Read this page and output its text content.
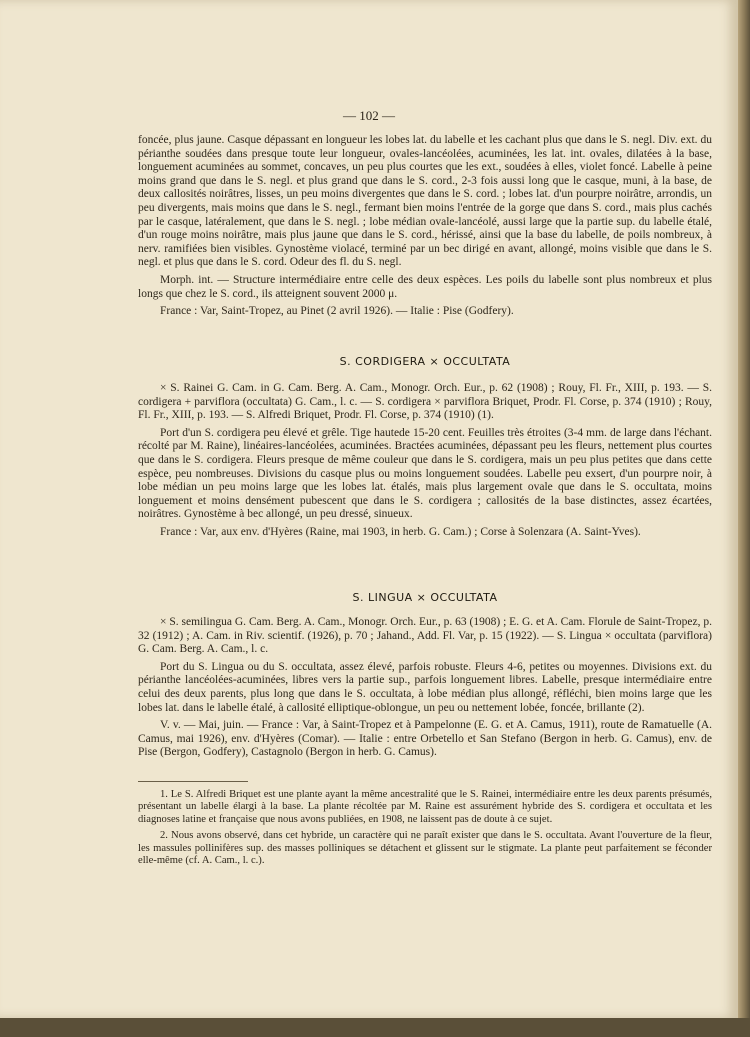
— 102 —

foncée, plus jaune. Casque dépassant en longueur les lobes lat. du labelle et les cachant plus que dans le S. negl. Div. ext. du périanthe soudées dans presque toute leur longueur, ovales-lancéolées, acuminées, les lat. int. ovales, dilatées à la base, longuement acuminées au sommet, concaves, un peu plus courtes que les ext., soudées à elles, violet foncé. Labelle à peine moins grand que dans le S. negl. et plus grand que dans le S. cord., 2-3 fois aussi long que le casque, muni, à la base, de deux callosités noirâtres, lisses, un peu moins divergentes que dans le S. cord. ; lobes lat. d'un pourpre noirâtre, arrondis, un peu divergents, mais moins que dans le S. negl., fermant bien moins l'entrée de la gorge que dans S. cord., mais plus cachés par le casque, latéralement, que dans le S. negl. ; lobe médian ovale-lancéolé, aussi large que la partie sup. du labelle étalé, d'un rouge moins noirâtre, mais plus jaune que dans le S. cord., hérissé, ainsi que la base du labelle, de poils nombreux, à nerv. ramifiées bien visibles. Gynostème violacé, terminé par un bec dirigé en avant, allongé, moins visible que dans le S. negl. et plus que dans le S. cord. Odeur des fl. du S. negl.

Morph. int. — Structure intermédiaire entre celle des deux espèces. Les poils du labelle sont plus nombreux et plus longs que chez le S. cord., ils atteignent souvent 2000 μ.

France : Var, Saint-Tropez, au Pinet (2 avril 1926). — Italie : Pise (Godfery).

S. CORDIGERA × OCCULTATA

× S. Rainei G. Cam. in G. Cam. Berg. A. Cam., Monogr. Orch. Eur., p. 62 (1908) ; Rouy, Fl. Fr., XIII, p. 193. — S. cordigera + parviflora (occultata) G. Cam., l. c. — S. cordigera × parviflora Briquet, Prodr. Fl. Corse, p. 374 (1910) ; Rouy, Fl. Fr., XIII, p. 193. — S. Alfredi Briquet, Prodr. Fl. Corse, p. 374 (1910) (1).

Port d'un S. cordigera peu élevé et grêle. Tige hautede 15-20 cent. Feuilles très étroites (3-4 mm. de large dans l'échant. récolté par M. Raine), linéaires-lancéolées, acuminées. Bractées acuminées, dépassant peu les fleurs, nettement plus courtes que dans le S. cordigera. Fleurs presque de même couleur que dans le S. cordigera, mais un peu plus petites que dans cette espèce, peu nombreuses. Divisions du casque plus ou moins longuement soudées. Labelle peu exsert, d'un pourpre noir, à lobe médian un peu moins large que les lobes lat. étalés, mais plus largement ovale que dans le S. occultata, moins longuement et moins densément pubescent que dans le S. cordigera ; callosités de la base distinctes, assez écartées, noirâtres. Gynostème à bec allongé, un peu dressé, sinueux.

France : Var, aux env. d'Hyères (Raine, mai 1903, in herb. G. Cam.) ; Corse à Solenzara (A. Saint-Yves).

S. LINGUA × OCCULTATA

× S. semilingua G. Cam. Berg. A. Cam., Monogr. Orch. Eur., p. 63 (1908) ; E. G. et A. Cam. Florule de Saint-Tropez, p. 32 (1912) ; A. Cam. in Riv. scientif. (1926), p. 70 ; Jahand., Add. Fl. Var, p. 15 (1922). — S. Lingua × occultata (parviflora) G. Cam. Berg. A. Cam., l. c.

Port du S. Lingua ou du S. occultata, assez élevé, parfois robuste. Fleurs 4-6, petites ou moyennes. Divisions ext. du périanthe lancéolées-acuminées, libres vers la partie sup., parfois longuement libres. Labelle, presque intermédiaire entre celui des deux parents, plus long que dans le S. occultata, à lobe médian plus allongé, réfléchi, bien moins large que les lobes lat. dans le labelle étalé, à callosité elliptique-oblongue, un peu ou nettement lobée, foncée, brillante (2).

V. v. — Mai, juin. — France : Var, à Saint-Tropez et à Pampelonne (E. G. et A. Camus, 1911), route de Ramatuelle (A. Camus, mai 1926), env. d'Hyères (Comar). — Italie : entre Orbetello et San Stefano (Bergon in herb. G. Camus), env. de Pise (Bergon, Godfery), Castagnolo (Bergon in herb. G. Camus).

1. Le S. Alfredi Briquet est une plante ayant la même ancestralité que le S. Rainei, intermédiaire entre les deux parents présumés, présentant un labelle élargi à la base. La plante récoltée par M. Raine est assurément hybride des S. cordigera et occultata et les diagnoses latine et française que nous avons publiées, en 1908, ne laissent pas de doute à ce sujet.

2. Nous avons observé, dans cet hybride, un caractère qui ne paraît exister que dans le S. occultata. Avant l'ouverture de la fleur, les massules pollinifères sup. des masses polliniques se détachent et glissent sur le stigmate. La plante peut parfaitement se féconder elle-même (cf. A. Cam., l. c.).
